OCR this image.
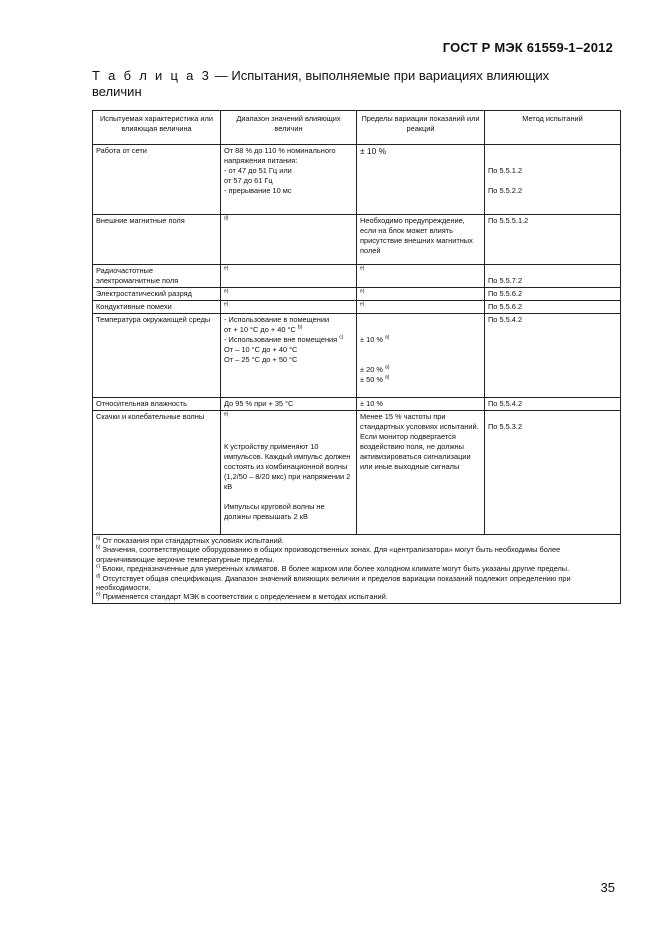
ГОСТ Р МЭК 61559-1–2012
Т а б л и ц а 3 — Испытания, выполняемые при вариациях влияющих величин
Испытуемая характеристика или влияющая величина	Диапазон значений влияющих величин	Пределы вариации показаний или реакций	Метод испытаний
Работа от сети	От 88 % до 110 % номинального напряжения питания:
- от 47 до 51 Гц или
от 57 до 61 Гц
- прерывание 10 мс	± 10 %	По 5.5.1.2
По 5.5.2.2

Внешние магнитные поля	$^{d)}$	Необходимо предупреждение, если на блок может влиять присутствие внешних магнитных полей	По 5.5.5.1.2
Радиочастотные электромагнитные поля	$^{e)}$	$^{e)}$	По 5.5.7.2
Электростатический разряд	$^{e)}$	$^{e)}$	По 5.5.6.2
Кондуктивные помехи	$^{e)}$	$^{e)}$	По 5.5.6.2
Температура окружающей среды	- Использование в помещении
от + 10 °С до + 40 °С $^{b)}$
- Использование вне помещения $^{c)}$
От – 10 °С до + 40 °С
От – 25 °С до + 50 °С	± 10 % $^{a)}$
± 20 % $^{a)}$
± 50 % $^{a)}$	По 5.5.4.2
Относительная влажность	До 95 % при + 35 °С	± 10 %	По 5.5.4.2
Скачки и колебательные волны	$^{e)}$
К устройству применяют 10 импульсов. Каждый импульс должен состоять из комбинационной волны (1,2/50 – 8/20 мкс) при напряжении 2 кВ
Импульсы круговой волны не должны превышать 2 кВ	Менее 15 % частоты при стандартных условиях испытаний.
Если монитор подвергается воздействию поля, не должны активизироваться сигнализации или иные выходные сигналы	По 5.5.3.2

$^{a)}$ От показания при стандартных условиях испытаний.
$^{b)}$ Значения, соответствующие оборудованию в общих производственных зонах. Для «централизатора» могут быть необходимы более ограничивающие верхние температурные пределы.
$^{c)}$ Блоки, предназначенные для умеренных климатов. В более жарком или более холодном климате могут быть указаны другие пределы.
$^{d)}$ Отсутствует общая спецификация. Диапазон значений влияющих величин и пределов вариации показаний подлежит определению при необходимости.
$^{e)}$ Применяется стандарт МЭК в соответствии с определением в методах испытаний.			
35
